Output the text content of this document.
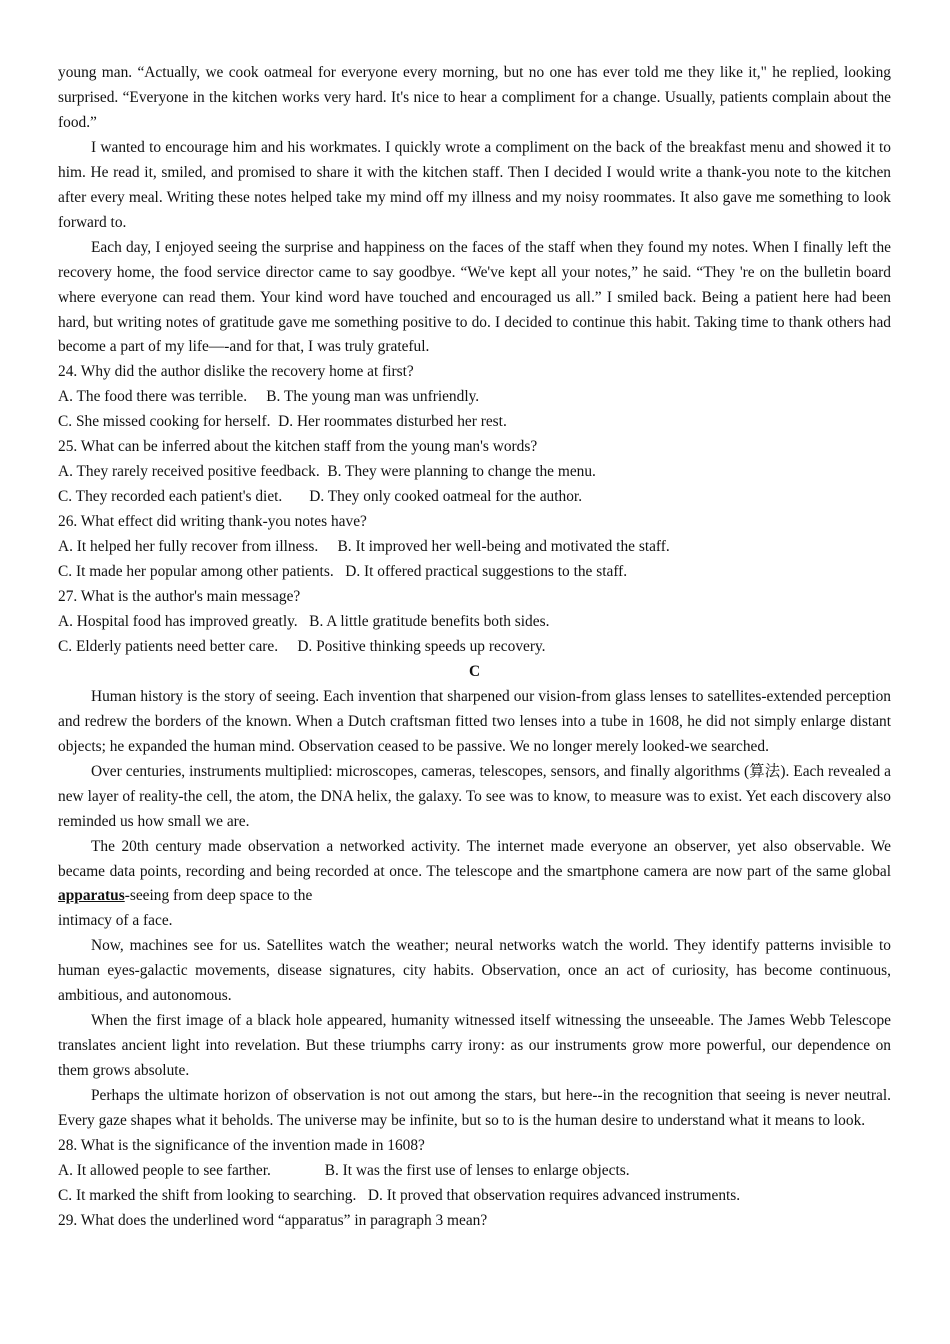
young man. “Actually, we cook oatmeal for everyone every morning, but no one has ever told me they like it," he replied, looking surprised. “Everyone in the kitchen works very hard. It's nice to hear a compliment for a change. Usually, patients complain about the food.”

I wanted to encourage him and his workmates. I quickly wrote a compliment on the back of the breakfast menu and showed it to him. He read it, smiled, and promised to share it with the kitchen staff. Then I decided I would write a thank-you note to the kitchen after every meal. Writing these notes helped take my mind off my illness and my noisy roommates. It also gave me something to look forward to.

Each day, I enjoyed seeing the surprise and happiness on the faces of the staff when they found my notes. When I finally left the recovery home, the food service director came to say goodbye. “We've kept all your notes,” he said. “They 're on the bulletin board where everyone can read them. Your kind word have touched and encouraged us all.” I smiled back. Being a patient here had been hard, but writing notes of gratitude gave me something positive to do. I decided to continue this habit. Taking time to thank others had become a part of my life—-and for that, I was truly grateful.

24. Why did the author dislike the recovery home at first?

A. The food there was terrible.     B. The young man was unfriendly.

C. She missed cooking for herself.  D. Her roommates disturbed her rest.

25. What can be inferred about the kitchen staff from the young man's words?

A. They rarely received positive feedback.  B. They were planning to change the menu.

C. They recorded each patient's diet.       D. They only cooked oatmeal for the author.

26. What effect did writing thank-you notes have?

A. It helped her fully recover from illness.     B. It improved her well-being and motivated the staff.

C. It made her popular among other patients.   D. It offered practical suggestions to the staff.

27. What is the author's main message?

A. Hospital food has improved greatly.   B. A little gratitude benefits both sides.

C. Elderly patients need better care.     D. Positive thinking speeds up recovery.

C

Human history is the story of seeing. Each invention that sharpened our vision-from glass lenses to satellites-extended perception and redrew the borders of the known. When a Dutch craftsman fitted two lenses into a tube in 1608, he did not simply enlarge distant objects; he expanded the human mind. Observation ceased to be passive. We no longer merely looked-we searched.

Over centuries, instruments multiplied: microscopes, cameras, telescopes, sensors, and finally algorithms (算法). Each revealed a new layer of reality-the cell, the atom, the DNA helix, the galaxy. To see was to know, to measure was to exist. Yet each discovery also reminded us how small we are.

The 20th century made observation a networked activity. The internet made everyone an observer, yet also observable. We became data points, recording and being recorded at once. The telescope and the smartphone camera are now part of the same global apparatus-seeing from deep space to the

intimacy of a face.

Now, machines see for us. Satellites watch the weather; neural networks watch the world. They identify patterns invisible to human eyes-galactic movements, disease signatures, city habits. Observation, once an act of curiosity, has become continuous, ambitious, and autonomous.

When the first image of a black hole appeared, humanity witnessed itself witnessing the unseeable. The James Webb Telescope translates ancient light into revelation. But these triumphs carry irony: as our instruments grow more powerful, our dependence on them grows absolute.

Perhaps the ultimate horizon of observation is not out among the stars, but here--in the recognition that seeing is never neutral. Every gaze shapes what it beholds. The universe may be infinite, but so to is the human desire to understand what it means to look.

28. What is the significance of the invention made in 1608?

A. It allowed people to see farther.              B. It was the first use of lenses to enlarge objects.

C. It marked the shift from looking to searching.   D. It proved that observation requires advanced instruments.

29. What does the underlined word “apparatus” in paragraph 3 mean?
